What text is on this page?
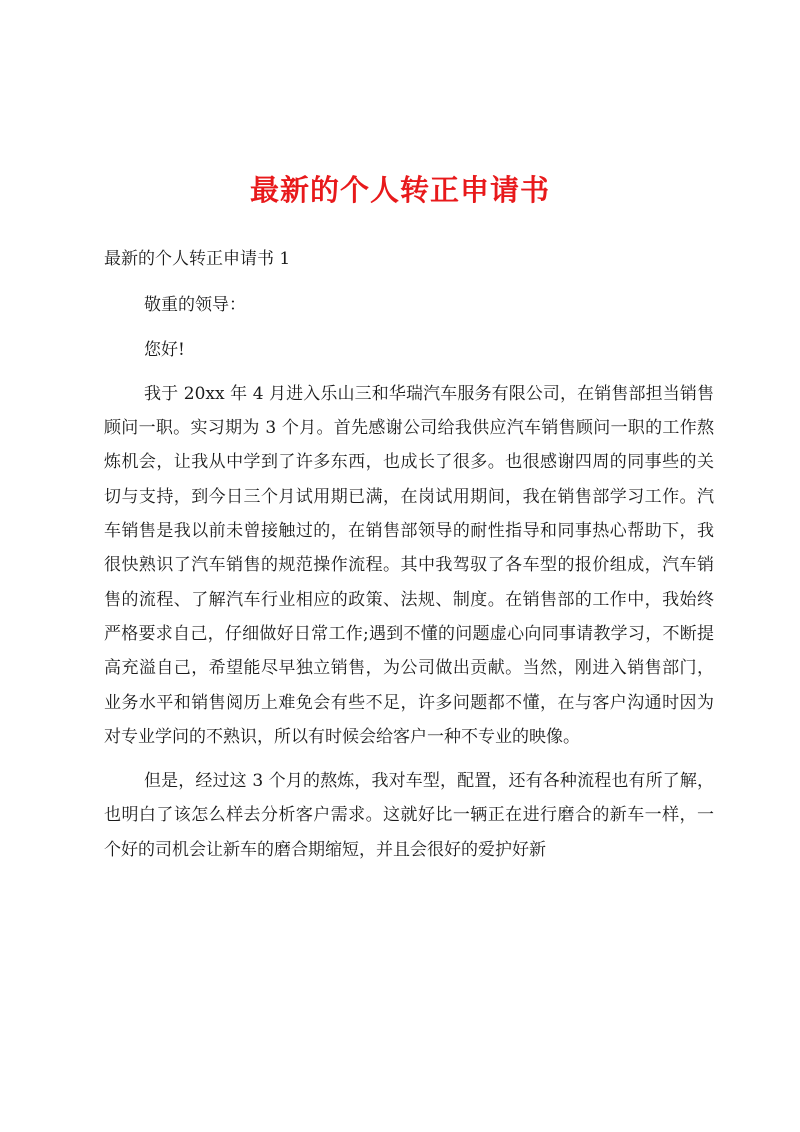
最新的个人转正申请书

最新的个人转正申请书 1

敬重的领导：

您好!

我于 20xx 年 4 月进入乐山三和华瑞汽车服务有限公司，在销售部担当销售顾问一职。实习期为 3 个月。首先感谢公司给我供应汽车销售顾问一职的工作熬炼机会，让我从中学到了许多东西，也成长了很多。也很感谢四周的同事些的关切与支持，到今日三个月试用期已满，在岗试用期间，我在销售部学习工作。汽车销售是我以前未曾接触过的，在销售部领导的耐性指导和同事热心帮助下，我很快熟识了汽车销售的规范操作流程。其中我驾驭了各车型的报价组成，汽车销售的流程、了解汽车行业相应的政策、法规、制度。在销售部的工作中，我始终严格要求自己，仔细做好日常工作;遇到不懂的问题虚心向同事请教学习，不断提高充溢自己，希望能尽早独立销售，为公司做出贡献。当然，刚进入销售部门，业务水平和销售阅历上难免会有些不足，许多问题都不懂，在与客户沟通时因为对专业学问的不熟识，所以有时候会给客户一种不专业的映像。

但是，经过这 3 个月的熬炼，我对车型，配置，还有各种流程也有所了解，也明白了该怎么样去分析客户需求。这就好比一辆正在进行磨合的新车一样，一个好的司机会让新车的磨合期缩短，并且会很好的爱护好新
